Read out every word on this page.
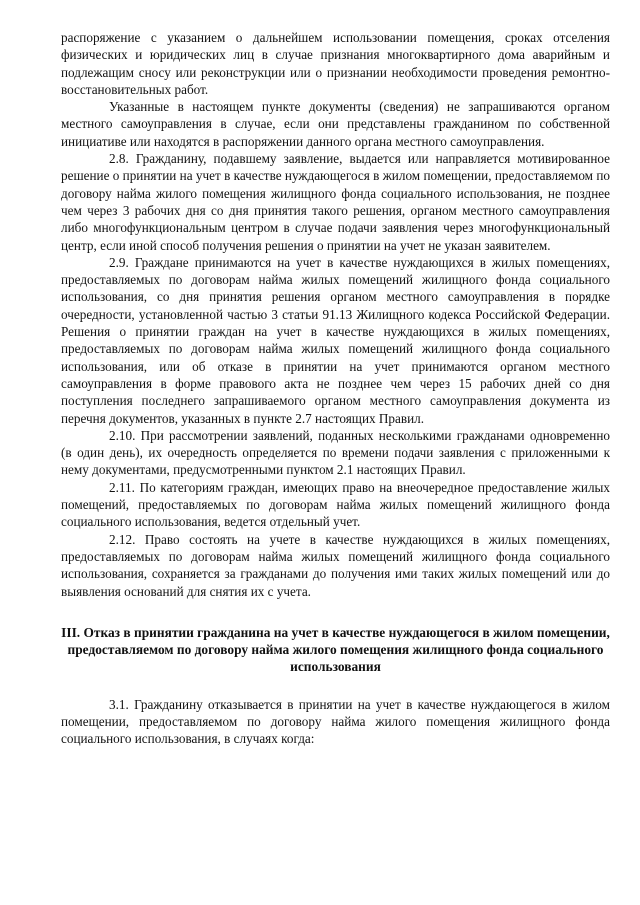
распоряжение с указанием о дальнейшем использовании помещения, сроках отселения физических и юридических лиц в случае признания многоквартирного дома аварийным и подлежащим сносу или реконструкции или о признании необходимости проведения ремонтно-восстановительных работ.

Указанные в настоящем пункте документы (сведения) не запрашиваются органом местного самоуправления в случае, если они представлены гражданином по собственной инициативе или находятся в распоряжении данного органа местного самоуправления.

2.8. Гражданину, подавшему заявление, выдается или направляется мотивированное решение о принятии на учет в качестве нуждающегося в жилом помещении, предоставляемом по договору найма жилого помещения жилищного фонда социального использования, не позднее чем через 3 рабочих дня со дня принятия такого решения, органом местного самоуправления либо многофункциональным центром в случае подачи заявления через многофункциональный центр, если иной способ получения решения о принятии на учет не указан заявителем.

2.9. Граждане принимаются на учет в качестве нуждающихся в жилых помещениях, предоставляемых по договорам найма жилых помещений жилищного фонда социального использования, со дня принятия решения органом местного самоуправления в порядке очередности, установленной частью 3 статьи 91.13 Жилищного кодекса Российской Федерации. Решения о принятии граждан на учет в качестве нуждающихся в жилых помещениях, предоставляемых по договорам найма жилых помещений жилищного фонда социального использования, или об отказе в принятии на учет принимаются органом местного самоуправления в форме правового акта не позднее чем через 15 рабочих дней со дня поступления последнего запрашиваемого органом местного самоуправления документа из перечня документов, указанных в пункте 2.7 настоящих Правил.

2.10. При рассмотрении заявлений, поданных несколькими гражданами одновременно (в один день), их очередность определяется по времени подачи заявления с приложенными к нему документами, предусмотренными пунктом 2.1 настоящих Правил.

2.11. По категориям граждан, имеющих право на внеочередное предоставление жилых помещений, предоставляемых по договорам найма жилых помещений жилищного фонда социального использования, ведется отдельный учет.

2.12. Право состоять на учете в качестве нуждающихся в жилых помещениях, предоставляемых по договорам найма жилых помещений жилищного фонда социального использования, сохраняется за гражданами до получения ими таких жилых помещений или до выявления оснований для снятия их с учета.

III. Отказ в принятии гражданина на учет в качестве нуждающегося в жилом помещении, предоставляемом по договору найма жилого помещения жилищного фонда социального использования

3.1. Гражданину отказывается в принятии на учет в качестве нуждающегося в жилом помещении, предоставляемом по договору найма жилого помещения жилищного фонда социального использования, в случаях когда:
